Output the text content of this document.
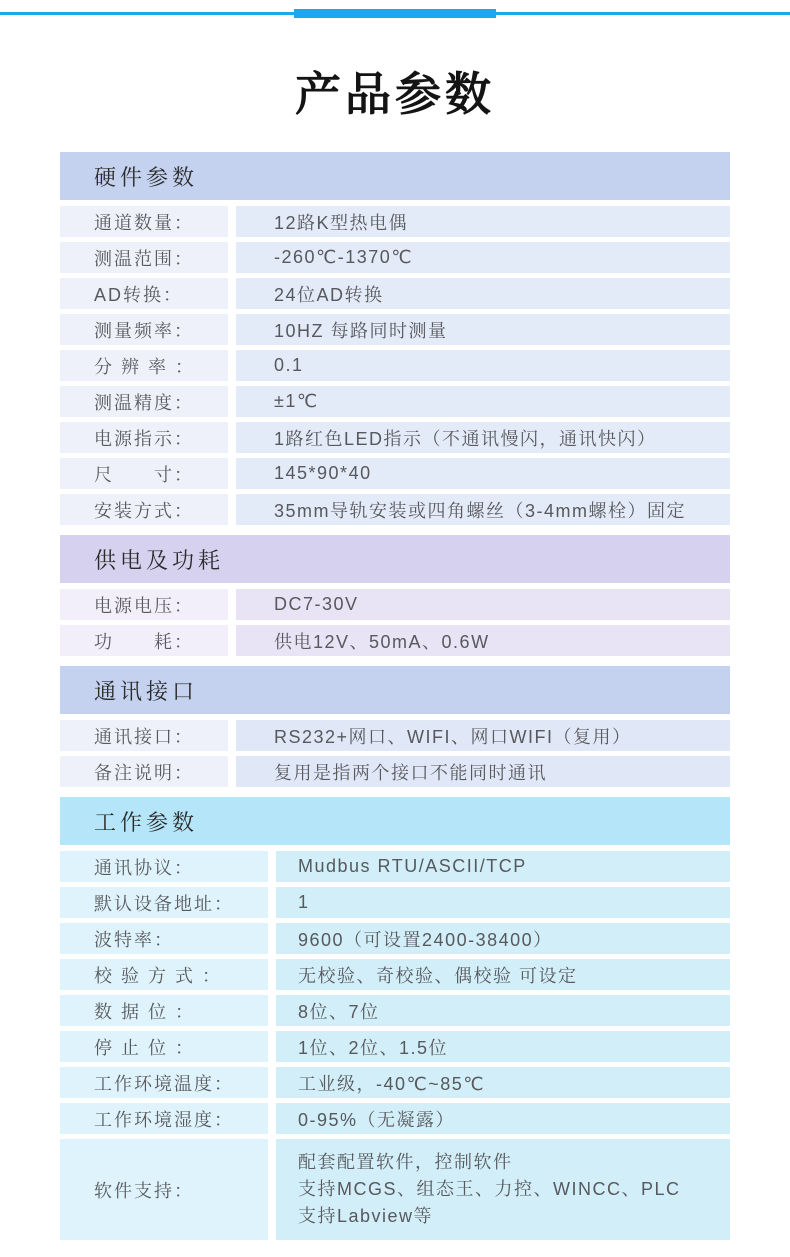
产品参数
硬件参数
通道数量：	12路K型热电偶
测温范围：	-260℃-1370℃
AD转换：	24位AD转换
测量频率：	10HZ 每路同时测量
分 辨 率 ：	0.1
测温精度：	±1℃
电源指示：	1路红色LED指示（不通讯慢闪，通讯快闪）
尺　　寸：	145*90*40
安装方式：	35mm导轨安装或四角螺丝（3-4mm螺栓）固定
供电及功耗
电源电压：	DC7-30V
功　　耗：	供电12V、50mA、0.6W
通讯接口
通讯接口：	RS232+网口、WIFI、网口WIFI（复用）
备注说明：	复用是指两个接口不能同时通讯
工作参数
通讯协议：	Mudbus RTU/ASCII/TCP
默认设备地址：	1
波特率：	9600（可设置2400-38400）
校 验 方 式 ：	无校验、奇校验、偶校验 可设定
数 据 位 ：	8位、7位
停 止 位 ：	1位、2位、1.5位
工作环境温度：	工业级，-40℃~85℃
工作环境湿度：	0-95%（无凝露）
软件支持：
配套配置软件，控制软件
支持MCGS、组态王、力控、WINCC、PLC
支持Labview等
